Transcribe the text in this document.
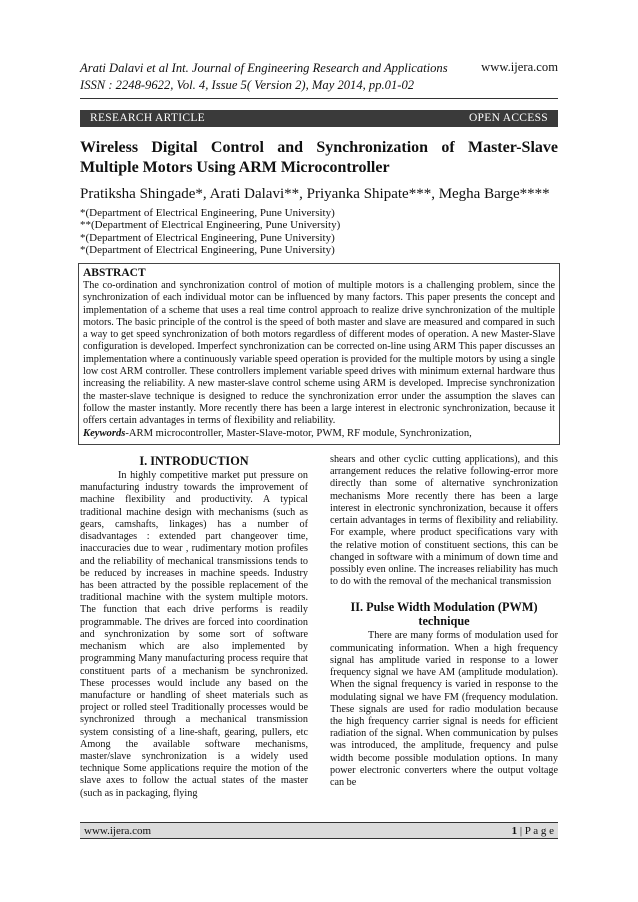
Arati Dalavi et al Int. Journal of Engineering Research and Applications
ISSN : 2248-9622, Vol. 4, Issue 5( Version 2), May 2014, pp.01-02
www.ijera.com
RESEARCH ARTICLE	OPEN ACCESS
Wireless Digital Control and Synchronization of Master-Slave Multiple Motors Using ARM Microcontroller
Pratiksha Shingade*, Arati Dalavi**, Priyanka Shipate***, Megha Barge****
*(Department of Electrical Engineering, Pune University)
**(Department of Electrical Engineering, Pune University)
*(Department of Electrical Engineering, Pune University)
*(Department of Electrical Engineering, Pune University)
ABSTRACT
The co-ordination and synchronization control of motion of multiple motors is a challenging problem, since the synchronization of each individual motor can be influenced by many factors. This paper presents the concept and implementation of a scheme that uses a real time control approach to realize drive synchronization of the multiple motors. The basic principle of the control is the speed of both master and slave are measured and compared in such a way to get speed synchronization of both motors regardless of different modes of operation. A new Master-Slave configuration is developed. Imperfect synchronization can be corrected on-line using ARM This paper discusses an implementation where a continuously variable speed operation is provided for the multiple motors by using a single low cost ARM controller. These controllers implement variable speed drives with minimum external hardware thus increasing the reliability. A new master-slave control scheme using ARM is developed. Imprecise synchronization the master-slave technique is designed to reduce the synchronization error under the assumption the slaves can follow the master instantly. More recently there has been a large interest in electronic synchronization, because it offers certain advantages in terms of flexibility and reliability.
Keywords-ARM microcontroller, Master-Slave-motor, PWM, RF module, Synchronization,
I. INTRODUCTION

In highly competitive market put pressure on manufacturing industry towards the improvement of machine flexibility and productivity. A typical traditional machine design with mechanisms (such as gears, camshafts, linkages) has a number of disadvantages : extended part changeover time, inaccuracies due to wear , rudimentary motion profiles and the reliability of mechanical transmissions tends to be reduced by increases in machine speeds. Industry has been attracted by the possible replacement of the traditional machine with the system multiple motors. The function that each drive performs is readily programmable. The drives are forced into coordination and synchronization by some sort of software mechanism which are also implemented by programming Many manufacturing process require that constituent parts of a mechanism be synchronized. These processes would include any based on the manufacture or handling of sheet materials such as project or rolled steel Traditionally processes would be synchronized through a mechanical transmission system consisting of a line-shaft, gearing, pullers, etc Among the available software mechanisms, master/slave synchronization is a widely used technique Some applications require the motion of the slave axes to follow the actual states of the master (such as in packaging, flying

shears and other cyclic cutting applications), and this arrangement reduces the relative following-error more directly than some of alternative synchronization mechanisms More recently there has been a large interest in electronic synchronization, because it offers certain advantages in terms of flexibility and reliability. For example, where product specifications vary with the relative motion of constituent sections, this can be changed in software with a minimum of down time and possibly even online. The increases reliability has much to do with the removal of the mechanical transmission

II. Pulse Width Modulation (PWM) technique

There are many forms of modulation used for communicating information. When a high frequency signal has amplitude varied in response to a lower frequency signal we have AM (amplitude modulation). When the signal frequency is varied in response to the modulating signal we have FM (frequency modulation. These signals are used for radio modulation because the high frequency carrier signal is needs for efficient radiation of the signal. When communication by pulses was introduced, the amplitude, frequency and pulse width become possible modulation options. In many power electronic converters where the output voltage can be

www.ijera.com	1 | P a g e
